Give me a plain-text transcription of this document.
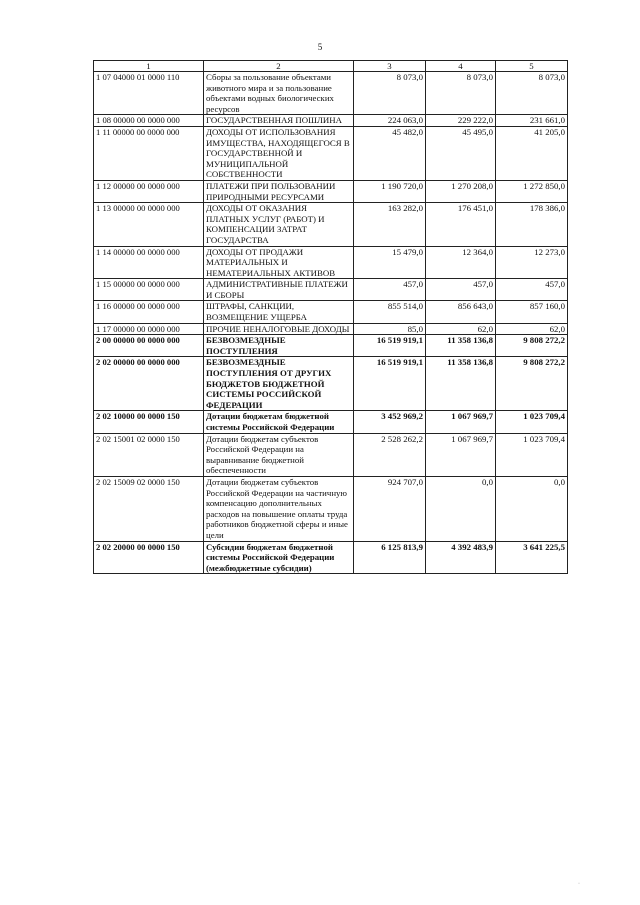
5
1	2	3	4	5
1 07 04000 01 0000 110	Сборы за пользование объектами животного мира и за пользование объектами водных биологических ресурсов	8 073,0	8 073,0	8 073,0
1 08 00000 00 0000 000	ГОСУДАРСТВЕННАЯ ПОШЛИНА	224 063,0	229 222,0	231 661,0
1 11 00000 00 0000 000	ДОХОДЫ ОТ ИСПОЛЬЗОВАНИЯ ИМУЩЕСТВА, НАХОДЯЩЕГОСЯ В ГОСУДАРСТВЕННОЙ И МУНИЦИПАЛЬНОЙ СОБСТВЕННОСТИ	45 482,0	45 495,0	41 205,0
1 12 00000 00 0000 000	ПЛАТЕЖИ ПРИ ПОЛЬЗОВАНИИ ПРИРОДНЫМИ РЕСУРСАМИ	1 190 720,0	1 270 208,0	1 272 850,0
1 13 00000 00 0000 000	ДОХОДЫ ОТ ОКАЗАНИЯ ПЛАТНЫХ УСЛУГ (РАБОТ) И КОМПЕНСАЦИИ ЗАТРАТ ГОСУДАРСТВА	163 282,0	176 451,0	178 386,0
1 14 00000 00 0000 000	ДОХОДЫ ОТ ПРОДАЖИ МАТЕРИАЛЬНЫХ И НЕМАТЕРИАЛЬНЫХ АКТИВОВ	15 479,0	12 364,0	12 273,0
1 15 00000 00 0000 000	АДМИНИСТРАТИВНЫЕ ПЛАТЕЖИ И СБОРЫ	457,0	457,0	457,0
1 16 00000 00 0000 000	ШТРАФЫ, САНКЦИИ, ВОЗМЕЩЕНИЕ УЩЕРБА	855 514,0	856 643,0	857 160,0
1 17 00000 00 0000 000	ПРОЧИЕ НЕНАЛОГОВЫЕ ДОХОДЫ	85,0	62,0	62,0
2 00 00000 00 0000 000	БЕЗВОЗМЕЗДНЫЕ ПОСТУПЛЕНИЯ	16 519 919,1	11 358 136,8	9 808 272,2
2 02 00000 00 0000 000	БЕЗВОЗМЕЗДНЫЕ ПОСТУПЛЕНИЯ ОТ ДРУГИХ БЮДЖЕТОВ БЮДЖЕТНОЙ СИСТЕМЫ РОССИЙСКОЙ ФЕДЕРАЦИИ	16 519 919,1	11 358 136,8	9 808 272,2
2 02 10000 00 0000 150	Дотации бюджетам бюджетной системы Российской Федерации	3 452 969,2	1 067 969,7	1 023 709,4
2 02 15001 02 0000 150	Дотации бюджетам субъектов Российской Федерации на выравнивание бюджетной обеспеченности	2 528 262,2	1 067 969,7	1 023 709,4
2 02 15009 02 0000 150	Дотации бюджетам субъектов Российской Федерации на частичную компенсацию дополнительных расходов на повышение оплаты труда работников бюджетной сферы и иные цели	924 707,0	0,0	0,0
2 02 20000 00 0000 150	Субсидии бюджетам бюджетной системы Российской Федерации (межбюджетные субсидии)	6 125 813,9	4 392 483,9	3 641 225,5
·
